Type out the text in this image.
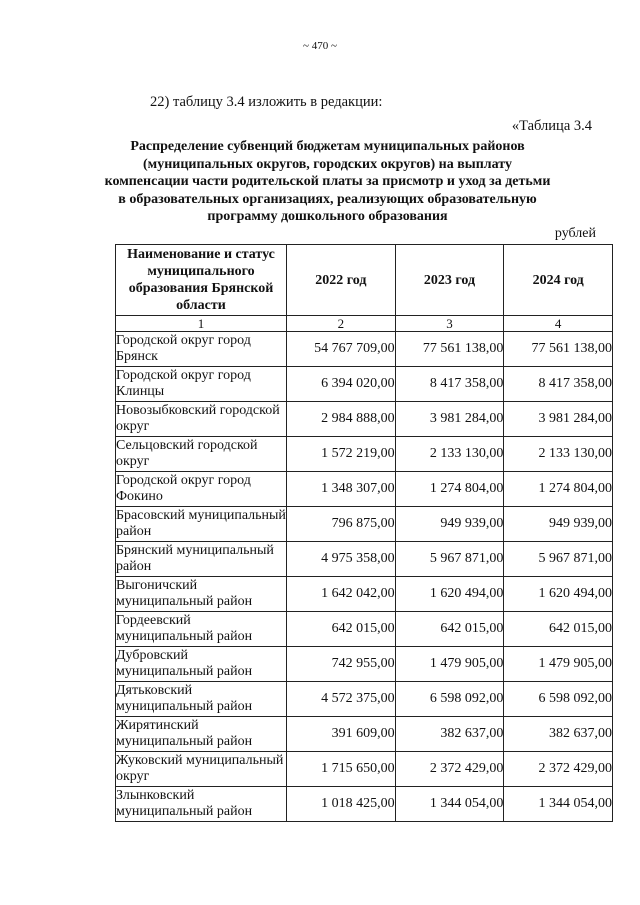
~ 470 ~
22) таблицу 3.4 изложить в редакции:
«Таблица 3.4
Распределение субвенций бюджетам муниципальных районов (муниципальных округов, городских округов) на выплату компенсации части родительской платы за присмотр и уход за детьми в образовательных организациях, реализующих образовательную программу дошкольного образования
рублей
Наименование и статус муниципального образования Брянской области	2022 год	2023 год	2024 год
1	2	3	4
Городской округ город Брянск	54 767 709,00	77 561 138,00	77 561 138,00
Городской округ город Клинцы	6 394 020,00	8 417 358,00	8 417 358,00
Новозыбковский городской округ	2 984 888,00	3 981 284,00	3 981 284,00
Сельцовский городской округ	1 572 219,00	2 133 130,00	2 133 130,00
Городской округ город Фокино	1 348 307,00	1 274 804,00	1 274 804,00
Брасовский муниципальный район	796 875,00	949 939,00	949 939,00
Брянский муниципальный район	4 975 358,00	5 967 871,00	5 967 871,00
Выгоничский муниципальный район	1 642 042,00	1 620 494,00	1 620 494,00
Гордеевский муниципальный район	642 015,00	642 015,00	642 015,00
Дубровский муниципальный район	742 955,00	1 479 905,00	1 479 905,00
Дятьковский муниципальный район	4 572 375,00	6 598 092,00	6 598 092,00
Жирятинский муниципальный район	391 609,00	382 637,00	382 637,00
Жуковский муниципальный округ	1 715 650,00	2 372 429,00	2 372 429,00
Злынковский муниципальный район	1 018 425,00	1 344 054,00	1 344 054,00
